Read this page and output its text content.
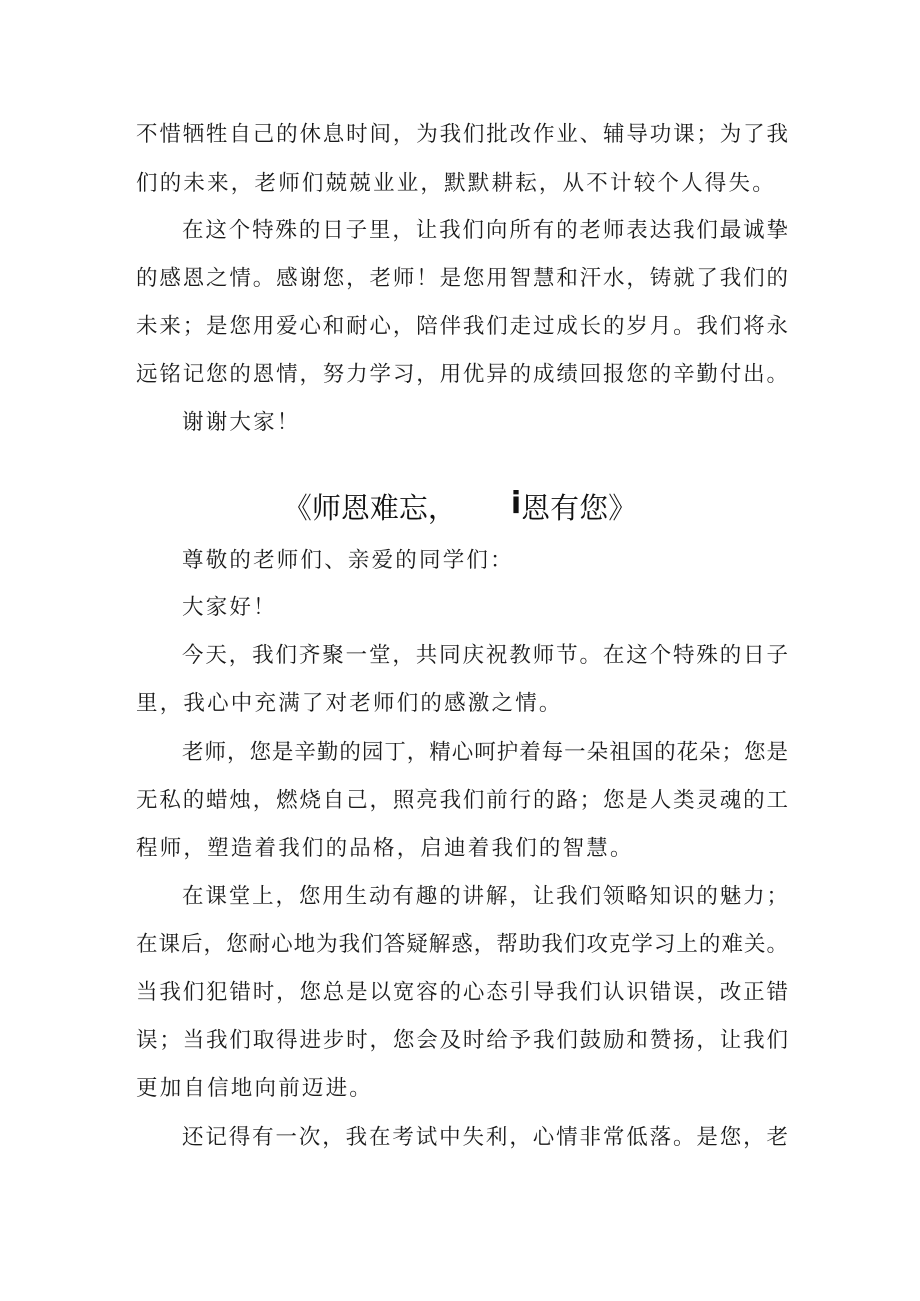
不惜牺牲自己的休息时间，为我们批改作业、辅导功课；为了我
们的未来，老师们兢兢业业，默默耕耘，从不计较个人得失。
在这个特殊的日子里，让我们向所有的老师表达我们最诚挚
的感恩之情。感谢您，老师！是您用智慧和汗水，铸就了我们的
未来；是您用爱心和耐心，陪伴我们走过成长的岁月。我们将永
远铭记您的恩情，努力学习，用优异的成绩回报您的辛勤付出。
谢谢大家！
《师恩难忘， i恩有您》
尊敬的老师们、亲爱的同学们：
大家好！
今天，我们齐聚一堂，共同庆祝教师节。在这个特殊的日子
里，我心中充满了对老师们的感激之情。
老师，您是辛勤的园丁，精心呵护着每一朵祖国的花朵；您是
无私的蜡烛，燃烧自己，照亮我们前行的路；您是人类灵魂的工
程师，塑造着我们的品格，启迪着我们的智慧。
在课堂上，您用生动有趣的讲解，让我们领略知识的魅力；
在课后，您耐心地为我们答疑解惑，帮助我们攻克学习上的难关。
当我们犯错时，您总是以宽容的心态引导我们认识错误，改正错
误；当我们取得进步时，您会及时给予我们鼓励和赞扬，让我们
更加自信地向前迈进。
还记得有一次，我在考试中失利，心情非常低落。是您，老
